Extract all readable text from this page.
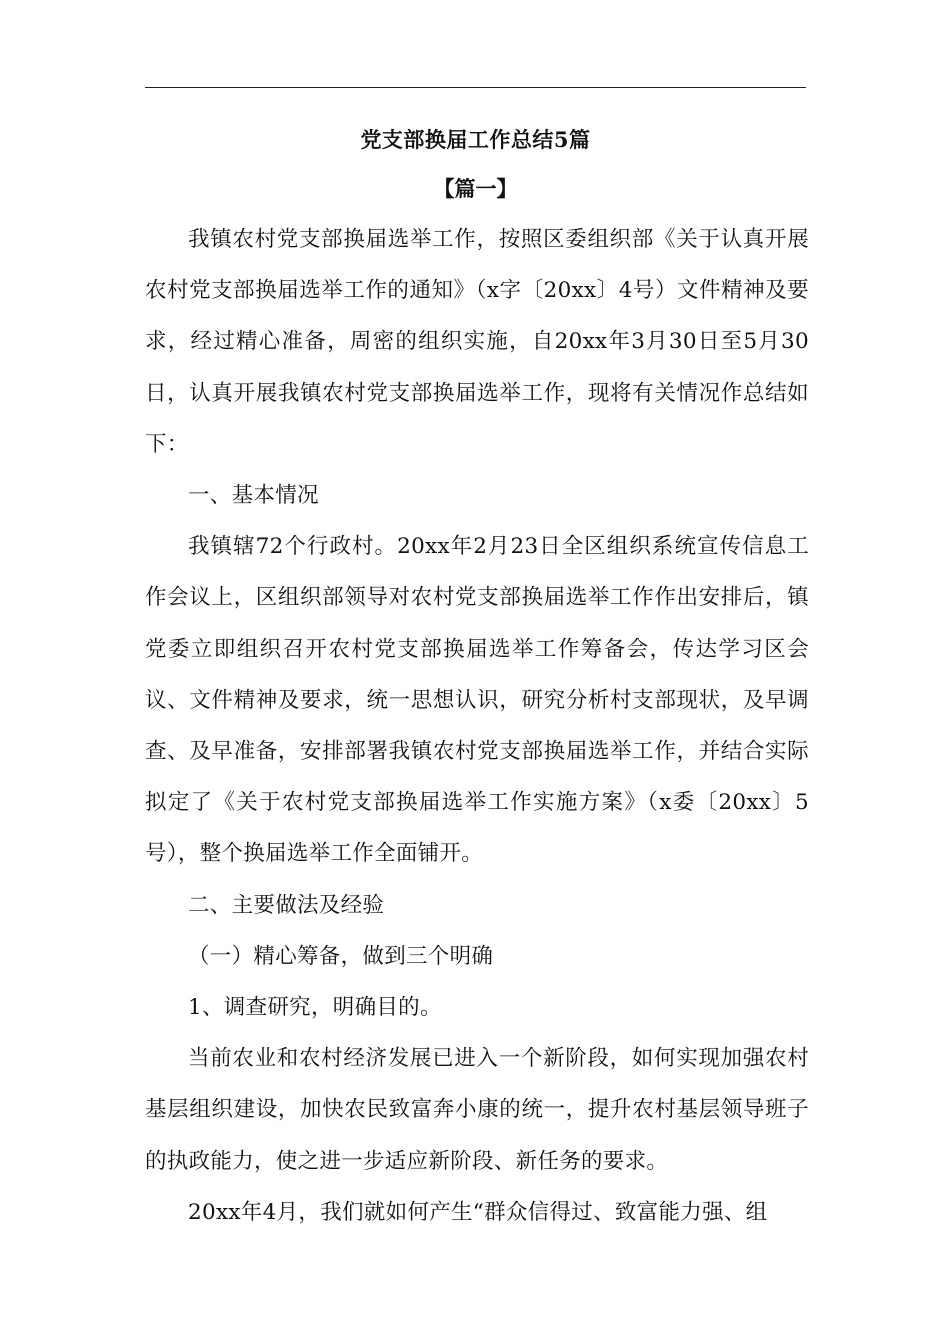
党支部换届工作总结5篇
【篇一】

我镇农村党支部换届选举工作，按照区委组织部《关于认真开展农村党支部换届选举工作的通知》（x字〔20xx〕4号）文件精神及要求，经过精心准备，周密的组织实施，自20xx年3月30日至5月30日，认真开展我镇农村党支部换届选举工作，现将有关情况作总结如下：

一、基本情况

我镇辖72个行政村。20xx年2月23日全区组织系统宣传信息工作会议上，区组织部领导对农村党支部换届选举工作作出安排后，镇党委立即组织召开农村党支部换届选举工作筹备会，传达学习区会议、文件精神及要求，统一思想认识，研究分析村支部现状，及早调查、及早准备，安排部署我镇农村党支部换届选举工作，并结合实际拟定了《关于农村党支部换届选举工作实施方案》（x委〔20xx〕5号），整个换届选举工作全面铺开。

二、主要做法及经验

（一）精心筹备，做到三个明确

1、调查研究，明确目的。

当前农业和农村经济发展已进入一个新阶段，如何实现加强农村基层组织建设，加快农民致富奔小康的统一，提升农村基层领导班子的执政能力，使之进一步适应新阶段、新任务的要求。

20xx年4月，我们就如何产生“群众信得过、致富能力强、组
